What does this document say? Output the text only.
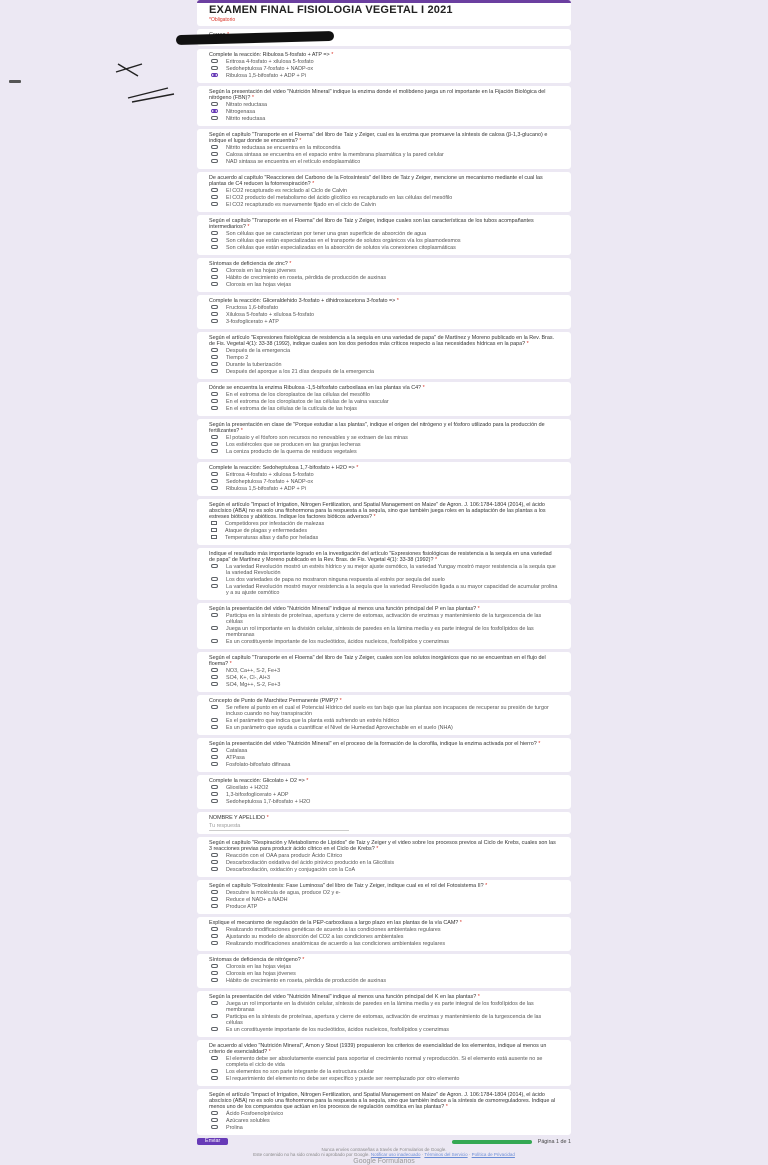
EXAMEN FINAL FISIOLOGIA VEGETAL I 2021
*Obligatorio
Complete la reacción: Ribulosa 5-fosfato + ATP => *
Eritrosa 4-fosfato + xilulosa 5-fosfato
Sedoheptulosa 7-fosfato + NADP-ox
Ribulosa 1,5-bifosfato + ADP + Pi
Según la presentación del video "Nutrición Mineral" indique la enzima donde el molibdeno juega un rol importante en la Fijación Biológica del nitrógeno (FBN)? *
Nitrato reductasa
Nitrogenasa
Nitrito reductasa
Según el capítulo "Transporte en el Floema" del libro de Taiz y Zeiger, cual es la enzima que promueve la síntesis de calosa (β-1,3-glucano) e indique el lugar donde se encuentra? *
Nitrito reductasa se encuentra en la mitocondria
Calosa sintasa se encuentra en el espacio entre la membrana plasmática y la pared celular
NAD sintasa se encuentra en el retículo endoplasmático
De acuerdo al capítulo "Reacciones del Carbono de la Fotosíntesis" del libro de Taiz y Zeiger, mencione un mecanismo mediante el cual las plantas de C4 reducen la fotorrespiración? *
El CO2 recapturado es reciclado al Ciclo de Calvin
El CO2 producto del metabolismo del ácido glicólico es recapturado en las células del mesófilo
El CO2 recapturado es nuevamente fijado en el ciclo de Calvin
Según el capítulo "Transporte en el Floema" del libro de Taiz y Zeiger, indique cuales son las características de los tubos acompañantes intermediarios? *
Son células que se caracterizan por tener una gran superficie de absorción de agua
Son células que están especializadas en el transporte de solutos orgánicos vía los plasmodesmos
Son células que están especializadas en la absorción de solutos vía conexiones citoplasmáticas
Síntomas de deficiencia de zinc? *
Clorosis en las hojas jóvenes
Hábito de crecimiento en roseta, pérdida de producción de auxinas
Clorosis en las hojas viejas
Complete la reacción: Gliceraldehido 3-fosfato + dihidroxiacetona 3-fosfato => *
Fructosa 1,6-bifosfato
Xilulosa 5-fosfato + xilulosa 5-fosfato
3-fosfoglicerato + ATP
Según el artículo "Expresiones fisiológicas de resistencia a la sequía en una variedad de papa" de Martínez y Moreno publicado en la Rev. Bras. de Fis. Vegetal 4(1): 33-38 (1992), indique cuales son los dos periodos más críticos respecto a las necesidades hídricas en la papa? *
Después de la emergencia
Tiempo 2
Durante la tuberización
Después del aporque a los 21 días después de la emergencia
Dónde se encuentra la enzima Ribulosa -1,5-bifosfato carboxilasa en las plantas vía C4? *
En el estroma de los cloroplastos de las células del mesófilo
En el estroma de los cloroplastos de las células de la vaina vascular
En el estroma de las células de la cutícula de las hojas
Según la presentación en clase de "Porque estudiar a las plantas", indique el origen del nitrógeno y el fósforo utilizado para la producción de fertilizantes? *
El potasio y el fósforo son recursos no renovables y se extraen de las minas
Los estiércoles que se producen en las granjas lecheras
La ceniza producto de la quema de residuos vegetales
Complete la reacción: Sedoheptulosa 1,7-bifosfato + H2O => *
Eritrosa 4-fosfato + xilulosa 5-fosfato
Sedoheptulosa 7-fosfato + NADP-ox
Ribulosa 1,5-bifosfato + ADP + Pi
Según el artículo "Impact of Irrigation, Nitrogen Fertilization, and Spatial Management on Maize" de Agron. J. 106:1784-1804 (2014), el ácido abscísico (ABA) no es solo una fitohormona para la respuesta a la sequía, sino que también juega roles en la adaptación de las plantas a los estreses bióticos y abióticos. Indique los factores bióticos adversos? *
Competidores por infestación de malezas
Ataque de plagas y enfermedades
Temperaturas altas y daño por heladas
Indique el resultado más importante logrado en la investigación del artículo "Expresiones fisiológicas de resistencia a la sequía en una variedad de papa" de Martínez y Moreno publicado en la Rev. Bras. de Fis. Vegetal 4(1): 33-38 (1992)? *
La variedad Revolución mostró un estrés hídrico y su mejor ajuste osmótico, la variedad Yungay mostró mayor resistencia a la sequía que la variedad Revolución
Los dos variedades de papa no mostraron ninguna respuesta al estrés por sequía del suelo
La variedad Revolución mostró mayor resistencia a la sequía que la variedad Revolución ligada a su mayor capacidad de acumular prolina y a su ajuste osmótico
Según la presentación del video "Nutrición Mineral" indique al menos una función principal del P en las plantas? *
Participa en la síntesis de proteínas, apertura y cierre de estomas, activación de enzimas y mantenimiento de la turgescencia de las células
Juega un rol importante en la división celular, síntesis de paredes en la lámina media y es parte integral de los fosfolípidos de las membranas
Es un constituyente importante de los nucleótidos, ácidos nucleicos, fosfolípidos y coenzimas
Según el capítulo "Transporte en el Floema" del libro de Taiz y Zeiger, cuales son los solutos inorgánicos que no se encuentran en el flujo del floema? *
NO3, Ca++, S-2, Fe+3
SO4, K+, Cl-, Al+3
SO4, Mg++, S-2, Fe+3
Concepto de Punto de Marchitez Permanente (PMP)? *
Se refiere al punto en el cual el Potencial Hídrico del suelo es tan bajo que las plantas son incapaces de recuperar su presión de turgor incluso cuando no hay transpiración
Es el parámetro que indica que la planta está sufriendo un estrés hídrico
Es un parámetro que ayuda a cuantificar el Nivel de Humedad Aprovechable en el suelo (NHA)
Según la presentación del video "Nutrición Mineral" en el proceso de la formación de la clorofila, indique la enzima activada por el hierro? *
Catalasa
ATPasa
Fosfolato-bifosfato difinasa
Complete la reacción: Glicolato + O2 => *
Glioxilato + H2O2
1,3-bifosfoglicerato + ADP
Sedoheptulosa 1,7-bifosfato + H2O
NOMBRE Y APELLIDO *
Tu respuesta
Según el capítulo "Respiración y Metabolismo de Lípidos" de Taiz y Zeiger y el video sobre los procesos previos al Ciclo de Krebs, cuales son las 3 reacciones previas para producir ácido cítrico en el Ciclo de Krebs? *
Reacción con el OAA para producir Ácido Cítrico
Descarboxilación oxidativa del ácido pirúvico producido en la Glicólisis
Descarboxilación, oxidación y conjugación con la CoA
Según el capítulo "Fotosíntesis: Fase Luminosa" del libro de Taiz y Zeiger, indique cual es el rol del Fotosistema II? *
Descubre la molécula de agua, produce O2 y e-
Reduce el NAD+ a NADH
Produce ATP
Explique el mecanismo de regulación de la PEP-carboxilasa a largo plazo en las plantas de la vía CAM? *
Realizando modificaciones genéticas de acuerdo a las condiciones ambientales regulares
Ajustando su modelo de absorción del CO2 a las condiciones ambientales
Realizando modificaciones anatómicas de acuerdo a las condiciones ambientales regulares
Síntomas de deficiencia de nitrógeno? *
Clorosis en las hojas viejas
Clorosis en las hojas jóvenes
Hábito de crecimiento en roseta, pérdida de producción de auxinas
Según la presentación del video "Nutrición Mineral" indique al menos una función principal del K en las plantas? *
Juega un rol importante en la división celular, síntesis de paredes en la lámina media y es parte integral de los fosfolípidos de las membranas
Participa en la síntesis de proteínas, apertura y cierre de estomas, activación de enzimas y mantenimiento de la turgescencia de las células
Es un constituyente importante de los nucleótidos, ácidos nucleicos, fosfolípidos y coenzimas
De acuerdo al video "Nutrición Mineral", Arnon y Stout (1939) propusieron los criterios de esencialidad de los elementos, indique al menos un criterio de esencialidad? *
El elemento debe ser absolutamente esencial para soportar el crecimiento normal y reproducción. Si el elemento está ausente no se completa el ciclo de vida
Los elementos no son parte integrante de la estructura celular
El requerimiento del elemento no debe ser específico y puede ser reemplazado por otro elemento
Según el artículo "Impact of Irrigation, Nitrogen Fertilization, and Spatial Management on Maize" de Agron. J. 106:1784-1804 (2014), el ácido abscísico (ABA) no es solo una fitohormona para la respuesta a la sequía, sino que también induce a la síntesis de osmorreguladores. Indique al menos uno de los compuestos que actúan en los procesos de regulación osmótica en las plantas? *
Ácido Fosfoenolpirúvico
Azúcares solubles
Prolina
Enviar	Página 1 de 1
Nunca envíes contraseñas a través de Formularios de Google.
Este contenido no ha sido creado ni aprobado por Google. Notificar uso inadecuado · Términos del Servicio · Política de Privacidad
Google Formularios
